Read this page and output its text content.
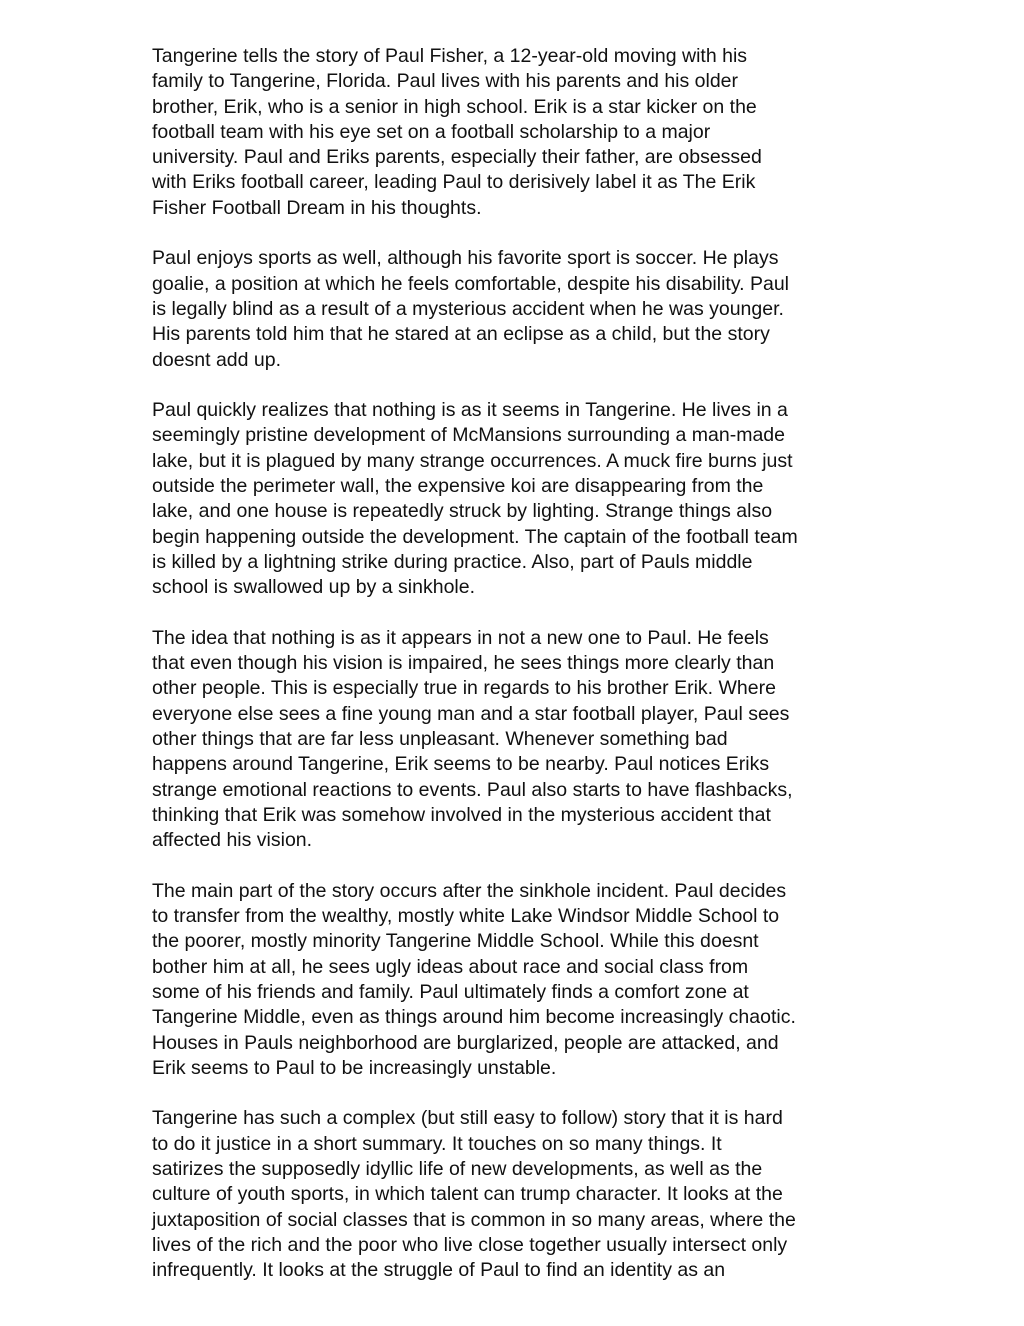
Tangerine tells the story of Paul Fisher, a 12-year-old moving with his
family to Tangerine, Florida. Paul lives with his parents and his older
brother, Erik, who is a senior in high school. Erik is a star kicker on the
football team with his eye set on a football scholarship to a major
university. Paul and Eriks parents, especially their father, are obsessed
with Eriks football career, leading Paul to derisively label it as The Erik
Fisher Football Dream in his thoughts.

Paul enjoys sports as well, although his favorite sport is soccer. He plays
goalie, a position at which he feels comfortable, despite his disability. Paul
is legally blind as a result of a mysterious accident when he was younger.
His parents told him that he stared at an eclipse as a child, but the story
doesnt add up.

Paul quickly realizes that nothing is as it seems in Tangerine. He lives in a
seemingly pristine development of McMansions surrounding a man-made
lake, but it is plagued by many strange occurrences. A muck fire burns just
outside the perimeter wall, the expensive koi are disappearing from the
lake, and one house is repeatedly struck by lighting. Strange things also
begin happening outside the development. The captain of the football team
is killed by a lightning strike during practice. Also, part of Pauls middle
school is swallowed up by a sinkhole.

The idea that nothing is as it appears in not a new one to Paul. He feels
that even though his vision is impaired, he sees things more clearly than
other people. This is especially true in regards to his brother Erik. Where
everyone else sees a fine young man and a star football player, Paul sees
other things that are far less unpleasant. Whenever something bad
happens around Tangerine, Erik seems to be nearby. Paul notices Eriks
strange emotional reactions to events. Paul also starts to have flashbacks,
thinking that Erik was somehow involved in the mysterious accident that
affected his vision.

The main part of the story occurs after the sinkhole incident. Paul decides
to transfer from the wealthy, mostly white Lake Windsor Middle School to
the poorer, mostly minority Tangerine Middle School. While this doesnt
bother him at all, he sees ugly ideas about race and social class from
some of his friends and family. Paul ultimately finds a comfort zone at
Tangerine Middle, even as things around him become increasingly chaotic.
Houses in Pauls neighborhood are burglarized, people are attacked, and
Erik seems to Paul to be increasingly unstable.

Tangerine has such a complex (but still easy to follow) story that it is hard
to do it justice in a short summary. It touches on so many things. It
satirizes the supposedly idyllic life of new developments, as well as the
culture of youth sports, in which talent can trump character. It looks at the
juxtaposition of social classes that is common in so many areas, where the
lives of the rich and the poor who live close together usually intersect only
infrequently. It looks at the struggle of Paul to find an identity as an
